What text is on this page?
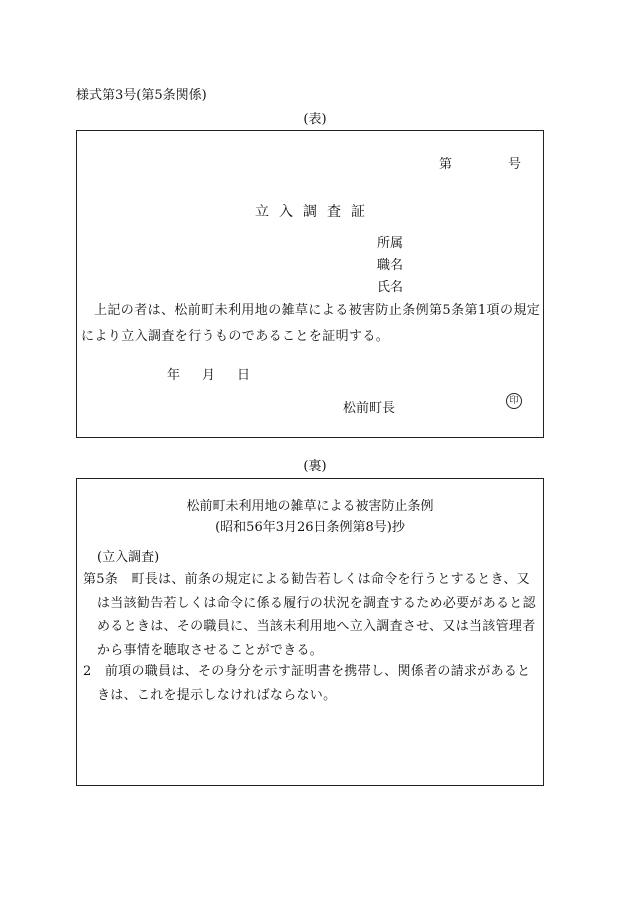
様式第3号(第5条関係)
(表)
第	号
立 入 調 査 証
所属
職名
氏名
上記の者は、松前町未利用地の雑草による被害防止条例第5条第1項の規定により立入調査を行うものであることを証明する。
年 月 日
松前町長	印
(裏)
松前町未利用地の雑草による被害防止条例
(昭和56年3月26日条例第8号)抄
(立入調査)
第5条　町長は、前条の規定による勧告若しくは命令を行うとするとき、又は当該勧告若しくは命令に係る履行の状況を調査するため必要があると認めるときは、その職員に、当該未利用地へ立入調査させ、又は当該管理者から事情を聴取させることができる。
2　前項の職員は、その身分を示す証明書を携帯し、関係者の請求があるときは、これを提示しなければならない。
